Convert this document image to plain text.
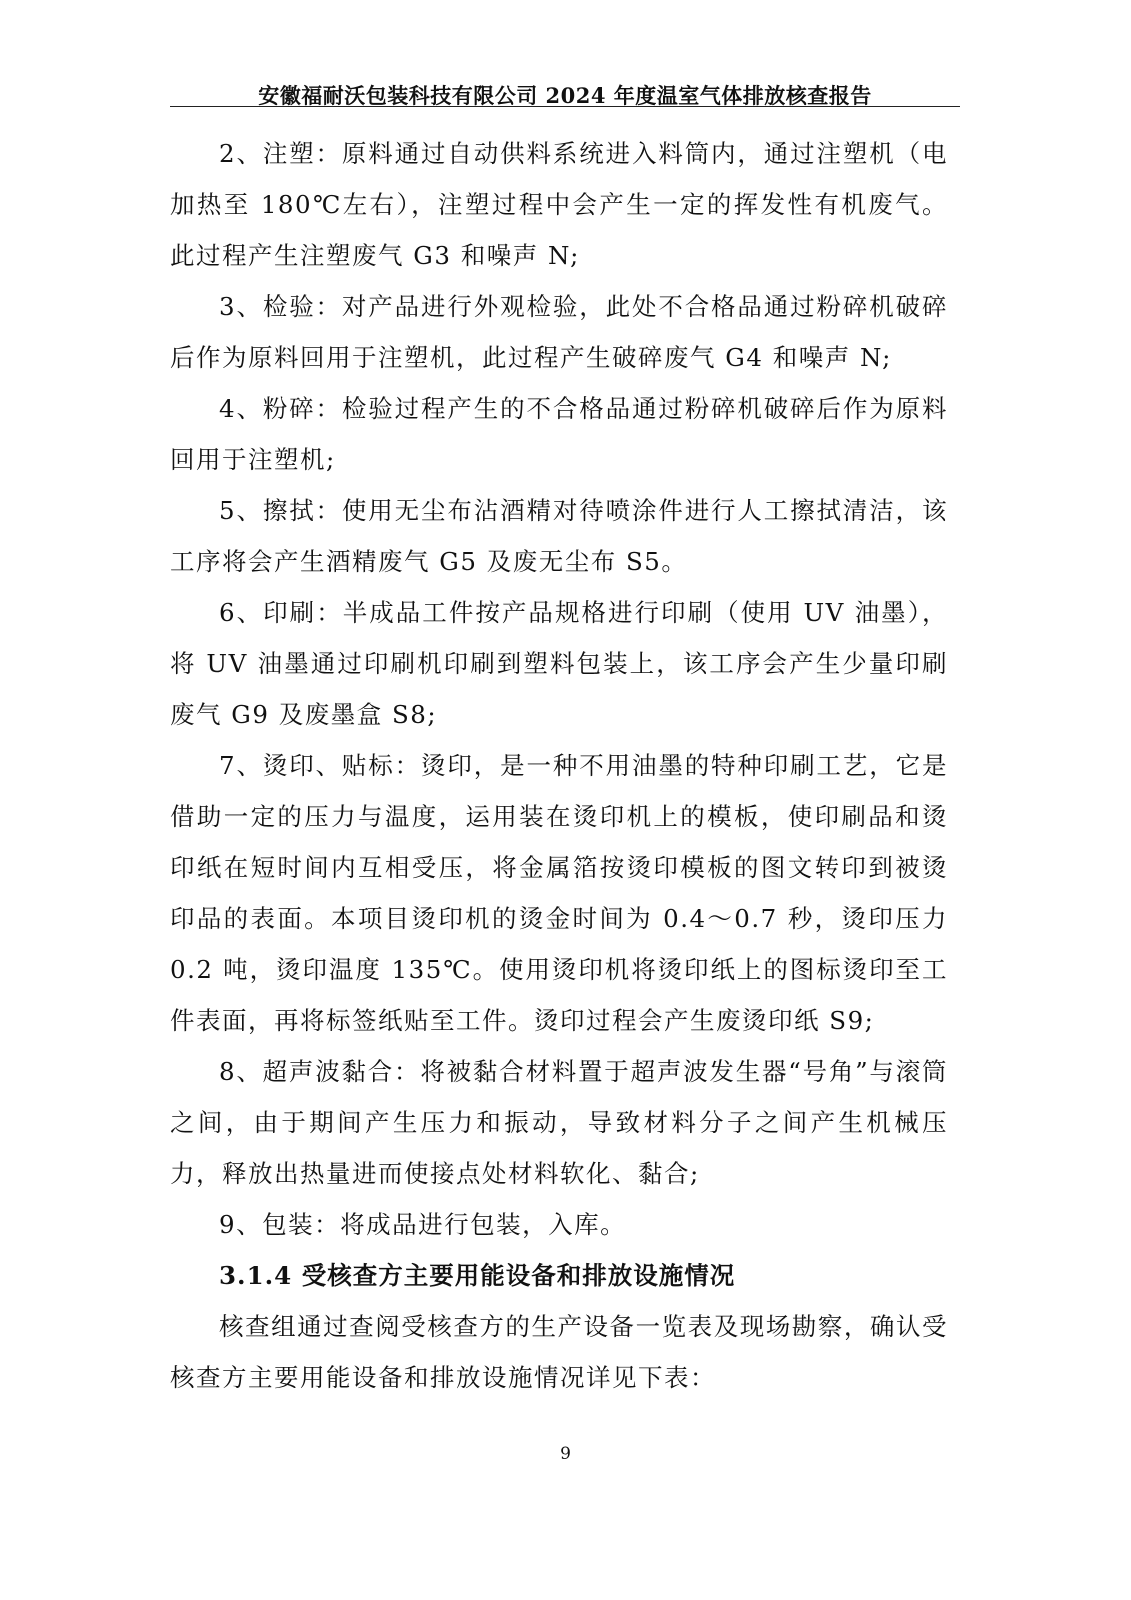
安徽福耐沃包装科技有限公司 2024 年度温室气体排放核查报告

2、注塑：原料通过自动供料系统进入料筒内，通过注塑机（电加热至 180℃左右），注塑过程中会产生一定的挥发性有机废气。此过程产生注塑废气 G3 和噪声 N;

3、检验：对产品进行外观检验，此处不合格品通过粉碎机破碎后作为原料回用于注塑机，此过程产生破碎废气 G4 和噪声 N;

4、粉碎：检验过程产生的不合格品通过粉碎机破碎后作为原料回用于注塑机;

5、擦拭：使用无尘布沾酒精对待喷涂件进行人工擦拭清洁，该工序将会产生酒精废气 G5 及废无尘布 S5。

6、印刷：半成品工件按产品规格进行印刷（使用 UV 油墨），将 UV 油墨通过印刷机印刷到塑料包装上，该工序会产生少量印刷废气 G9 及废墨盒 S8;

7、烫印、贴标：烫印，是一种不用油墨的特种印刷工艺，它是借助一定的压力与温度，运用装在烫印机上的模板，使印刷品和烫印纸在短时间内互相受压，将金属箔按烫印模板的图文转印到被烫印品的表面。本项目烫印机的烫金时间为 0.4～0.7 秒，烫印压力 0.2 吨，烫印温度 135℃。使用烫印机将烫印纸上的图标烫印至工件表面，再将标签纸贴至工件。烫印过程会产生废烫印纸 S9;

8、超声波黏合：将被黏合材料置于超声波发生器“号角”与滚筒之间，由于期间产生压力和振动，导致材料分子之间产生机械压力，释放出热量进而使接点处材料软化、黏合;

9、包装：将成品进行包装，入库。

3.1.4 受核查方主要用能设备和排放设施情况

核查组通过查阅受核查方的生产设备一览表及现场勘察，确认受核查方主要用能设备和排放设施情况详见下表：

9
